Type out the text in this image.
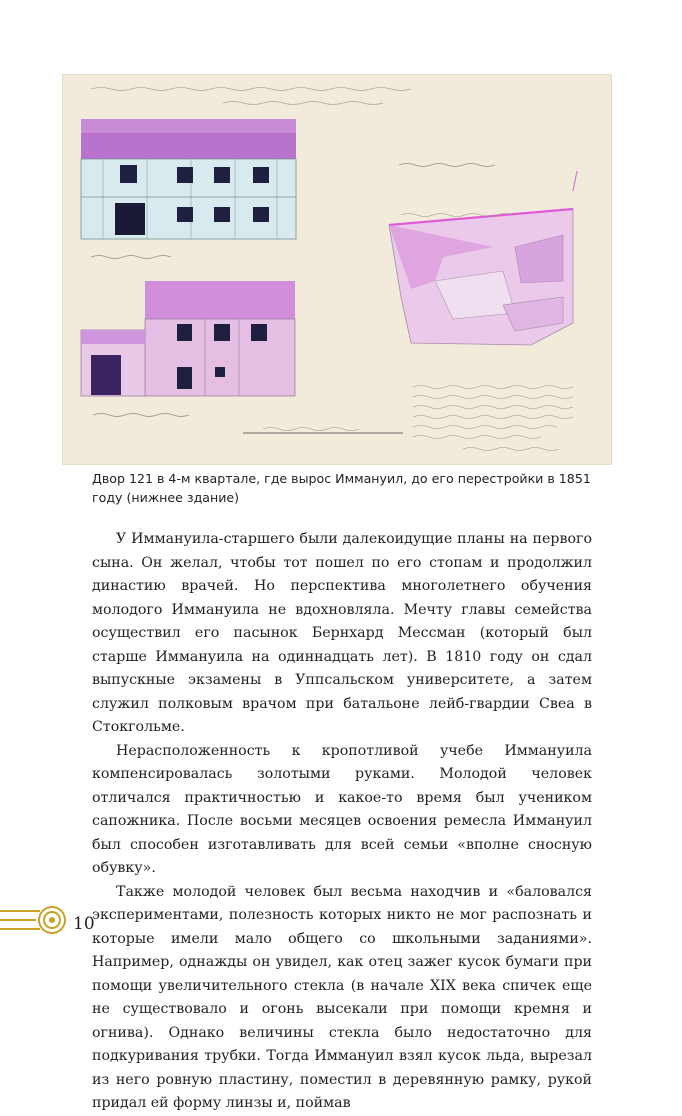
Двор 121 в 4-м квартале, где вырос Иммануил, до его перестройки в 1851 году (нижнее здание)

У Иммануила-старшего были далекоидущие планы на первого сына. Он желал, чтобы тот пошел по его стопам и продолжил династию врачей. Но перспектива многолетнего обучения молодого Иммануила не вдохновляла. Мечту главы семейства осуществил его пасынок Бернхард Мессман (который был старше Иммануила на одиннадцать лет). В 1810 году он сдал выпускные экзамены в Уппсальском университете, а затем служил полковым врачом при батальоне лейб-гвардии Свеа в Стокгольме.

Нерасположенность к кропотливой учебе Иммануила компенсировалась золотыми руками. Молодой человек отличался практичностью и какое-то время был учеником сапожника. После восьми месяцев освоения ремесла Иммануил был способен изготавливать для всей семьи «вполне сносную обувку».

Также молодой человек был весьма находчив и «баловался экспериментами, полезность которых никто не мог распознать и которые имели мало общего со школьными заданиями». Например, однажды он увидел, как отец зажег кусок бумаги при помощи увеличительного стекла (в начале XIX века спичек еще не существовало и огонь высекали при помощи кремня и огнива). Однако величины стекла было недостаточно для подкуривания трубки. Тогда Иммануил взял кусок льда, вырезал из него ровную пластину, поместил в деревянную рамку, рукой придал ей форму линзы и, поймав

10
